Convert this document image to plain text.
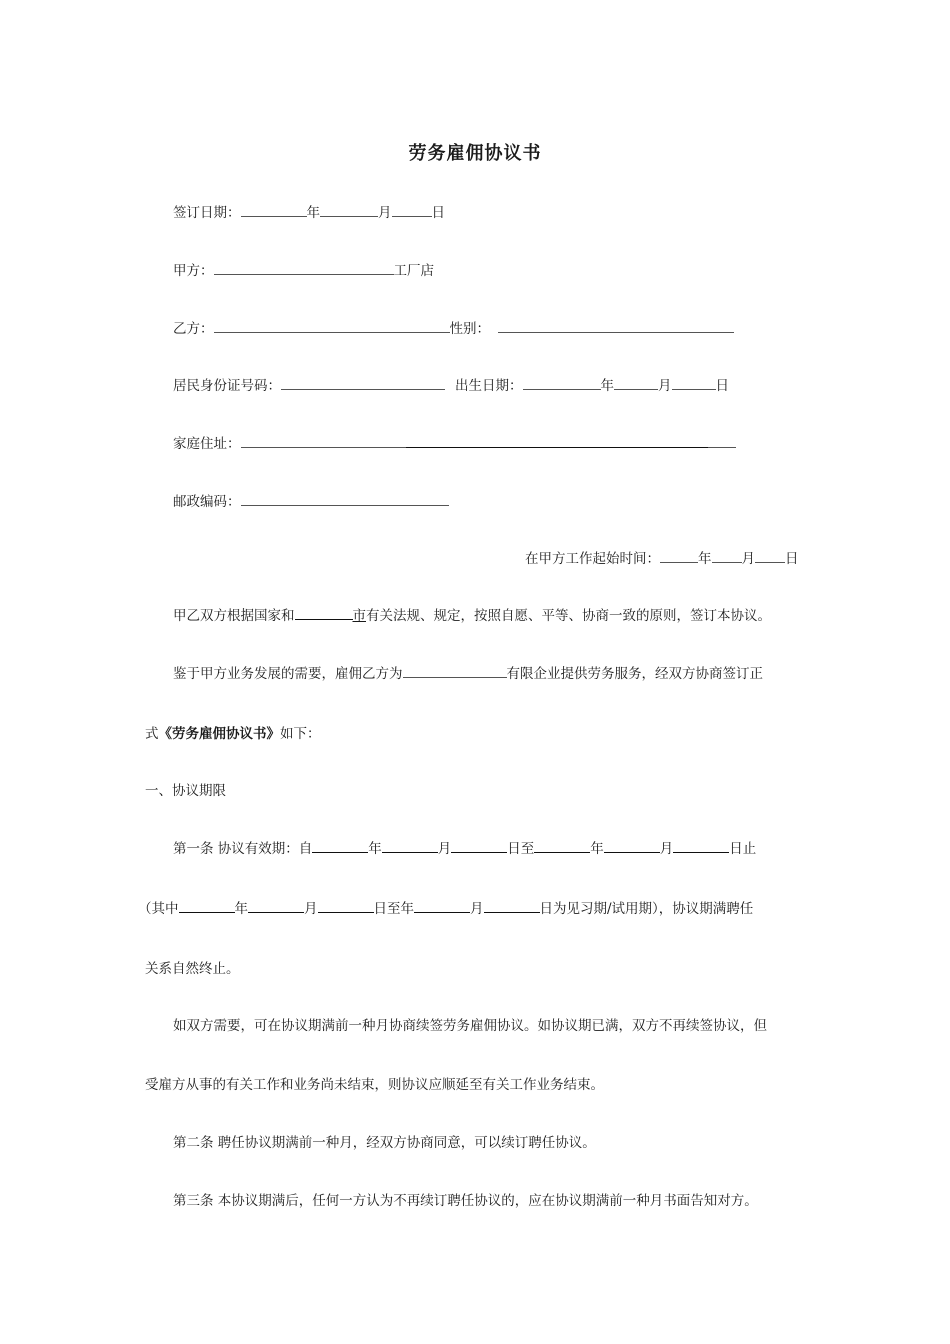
劳务雇佣协议书
签订日期：	年	月	日
甲方：	工厂店
乙方：	性别：
居民身份证号码：	出生日期：	年	月	日
家庭住址：
邮政编码：
在甲方工作起始时间：	年 月 日
甲乙双方根据国家和	市有关法规、规定，按照自愿、平等、协商一致的原则，签订本协议。
鉴于甲方业务发展的需要，雇佣乙方为	有限企业提供劳务服务，经双方协商签订正
式《劳务雇佣协议书》如下：
一、协议期限
第一条 协议有效期：自	年	月	日至	年	月	日止
（其中	年	月	日至年	月	日为见习期/试用期），协议期满聘任
关系自然终止。
如双方需要，可在协议期满前一种月协商续签劳务雇佣协议。如协议期已满，双方不再续签协议，但
受雇方从事的有关工作和业务尚未结束，则协议应顺延至有关工作业务结束。
第二条 聘任协议期满前一种月，经双方协商同意，可以续订聘任协议。
第三条 本协议期满后，任何一方认为不再续订聘任协议的，应在协议期满前一种月书面告知对方。
